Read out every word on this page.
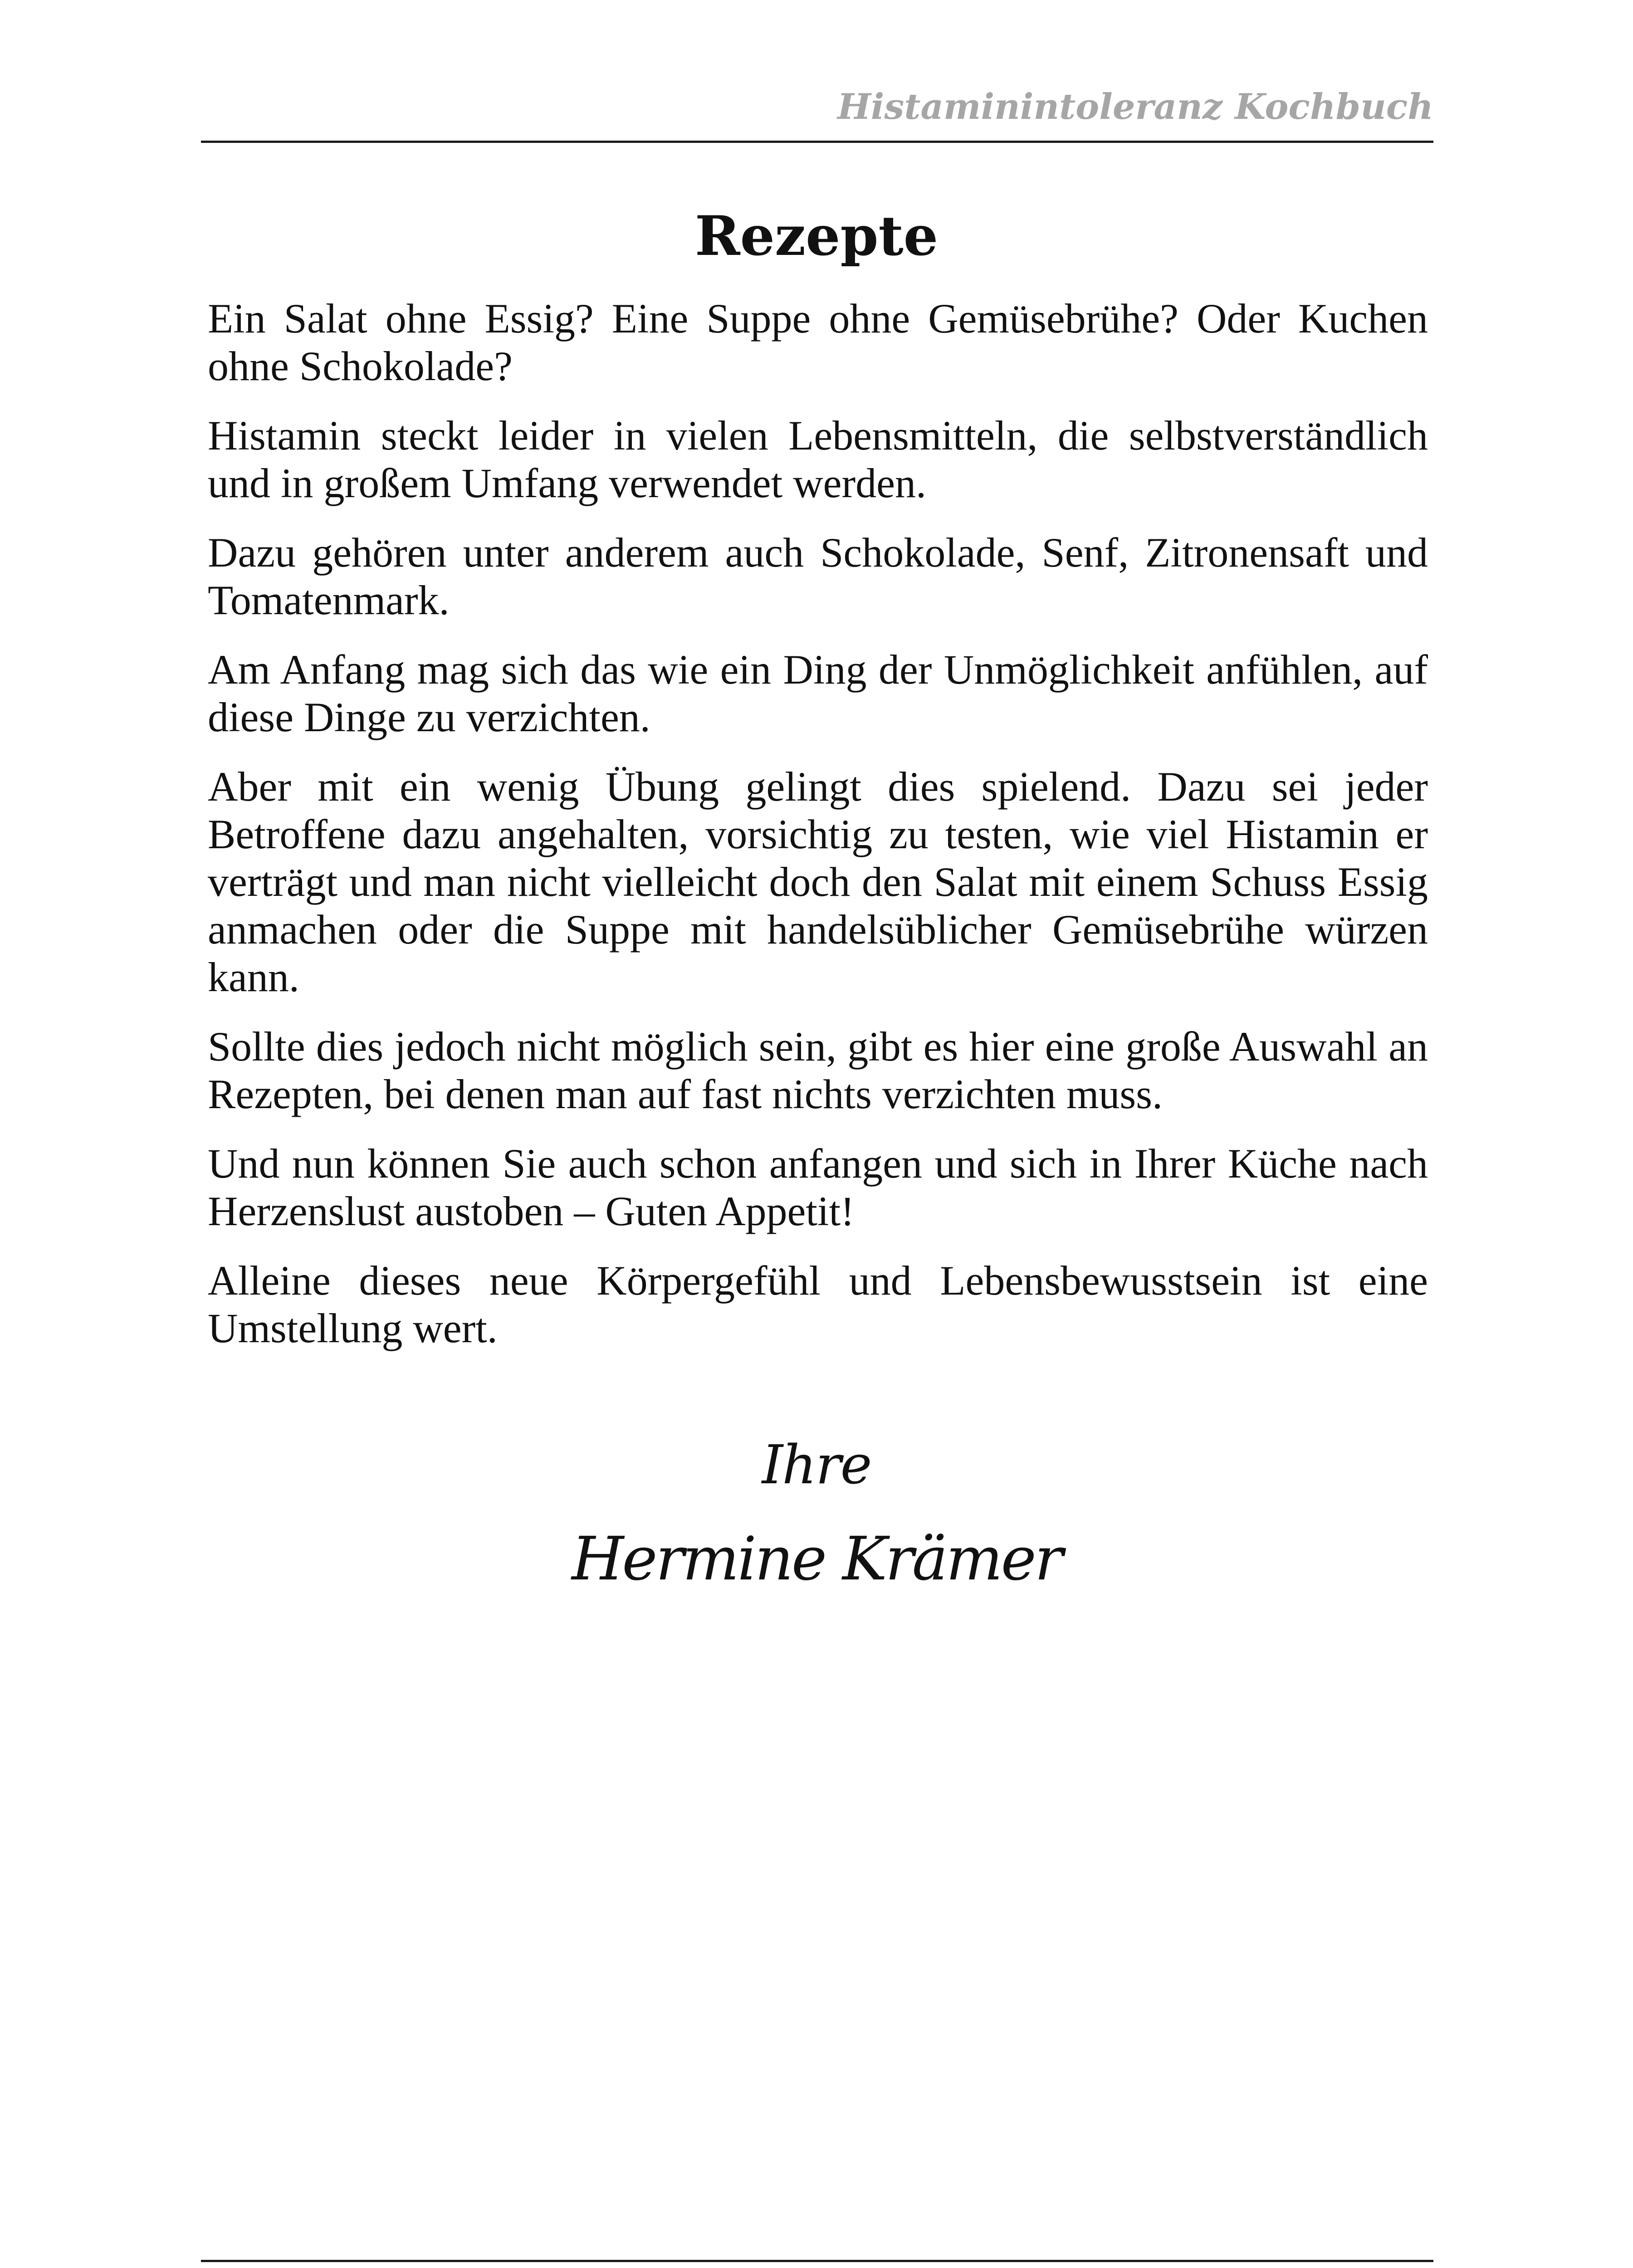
Histaminintoleranz Kochbuch
Rezepte

Ein Salat ohne Essig? Eine Suppe ohne Gemüsebrühe? Oder Kuchen ohne Schokolade?

Histamin steckt leider in vielen Lebensmitteln, die selbstverständlich und in großem Umfang verwendet werden.

Dazu gehören unter anderem auch Schokolade, Senf, Zitronensaft und Tomatenmark.

Am Anfang mag sich das wie ein Ding der Unmöglichkeit anfühlen, auf diese Dinge zu verzichten.

Aber mit ein wenig Übung gelingt dies spielend. Dazu sei jeder Betroffene dazu angehalten, vorsichtig zu testen, wie viel Histamin er verträgt und man nicht vielleicht doch den Salat mit einem Schuss Essig anmachen oder die Suppe mit handelsüblicher Gemüsebrühe würzen kann.

Sollte dies jedoch nicht möglich sein, gibt es hier eine große Auswahl an Rezepten, bei denen man auf fast nichts verzichten muss.

Und nun können Sie auch schon anfangen und sich in Ihrer Küche nach Herzenslust austoben – Guten Appetit!

Alleine dieses neue Körpergefühl und Lebensbewusstsein ist eine Umstellung wert.

Ihre
Hermine Krämer
